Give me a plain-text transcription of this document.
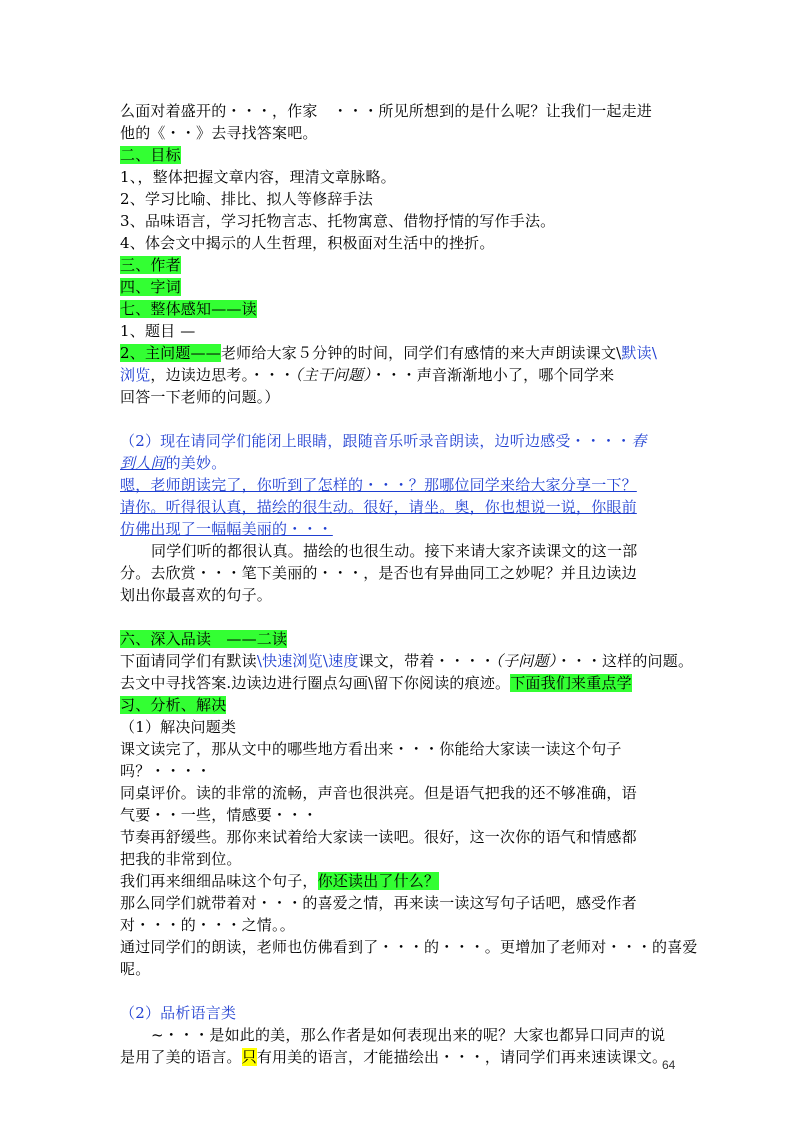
么面对着盛开的・・・，作家　・・・所见所想到的是什么呢？让我们一起走进
他的《・・》去寻找答案吧。
二、目标
1、，整体把握文章内容，理清文章脉略。
2、学习比喻、排比、拟人等修辞手法
3、品味语言，学习托物言志、托物寓意、借物抒情的写作手法。
4、体会文中揭示的人生哲理，积极面对生活中的挫折。
三、作者
四、字词
七、整体感知——读
1、题目 —
2、主问题——老师给大家５分钟的时间，同学们有感情的来大声朗读课文\默读\
浏览，边读边思考。・・・（主干问题）・・・声音渐渐地小了，哪个同学来
回答一下老师的问题。）
（2）现在请同学们能闭上眼睛，跟随音乐听录音朗读，边听边感受・・・・春
到人间的美妙。
嗯，老师朗读完了，你听到了怎样的・・・？那哪位同学来给大家分享一下？
请你。听得很认真，描绘的很生动。很好，请坐。奥，你也想说一说，你眼前
仿佛出现了一幅幅美丽的・・・
同学们听的都很认真。描绘的也很生动。接下来请大家齐读课文的这一部
分。去欣赏・・・笔下美丽的・・・，是否也有异曲同工之妙呢？并且边读边
划出你最喜欢的句子。
六、深入品读　——二读
下面请同学们有默读\快速浏览\速度课文，带着・・・・（子问题）・・・这样的问题。
去文中寻找答案.边读边进行圈点勾画\留下你阅读的痕迹。下面我们来重点学
习、分析、解决
（1）解决问题类
课文读完了，那从文中的哪些地方看出来・・・你能给大家读一读这个句子
吗？・・・・
同桌评价。读的非常的流畅，声音也很洪亮。但是语气把我的还不够准确，语
气要・・一些，情感要・・・
节奏再舒缓些。那你来试着给大家读一读吧。很好，这一次你的语气和情感都
把我的非常到位。
我们再来细细品味这个句子，你还读出了什么？
那么同学们就带着对・・・的喜爱之情，再来读一读这写句子话吧，感受作者
对・・・的・・・之情。。
通过同学们的朗读，老师也仿佛看到了・・・的・・・。更增加了老师对・・・的喜爱
呢。
（2）品析语言类
~・・・是如此的美，那么作者是如何表现出来的呢？大家也都异口同声的说
是用了美的语言。只有用美的语言，才能描绘出・・・，请同学们再来速读课文。
64
